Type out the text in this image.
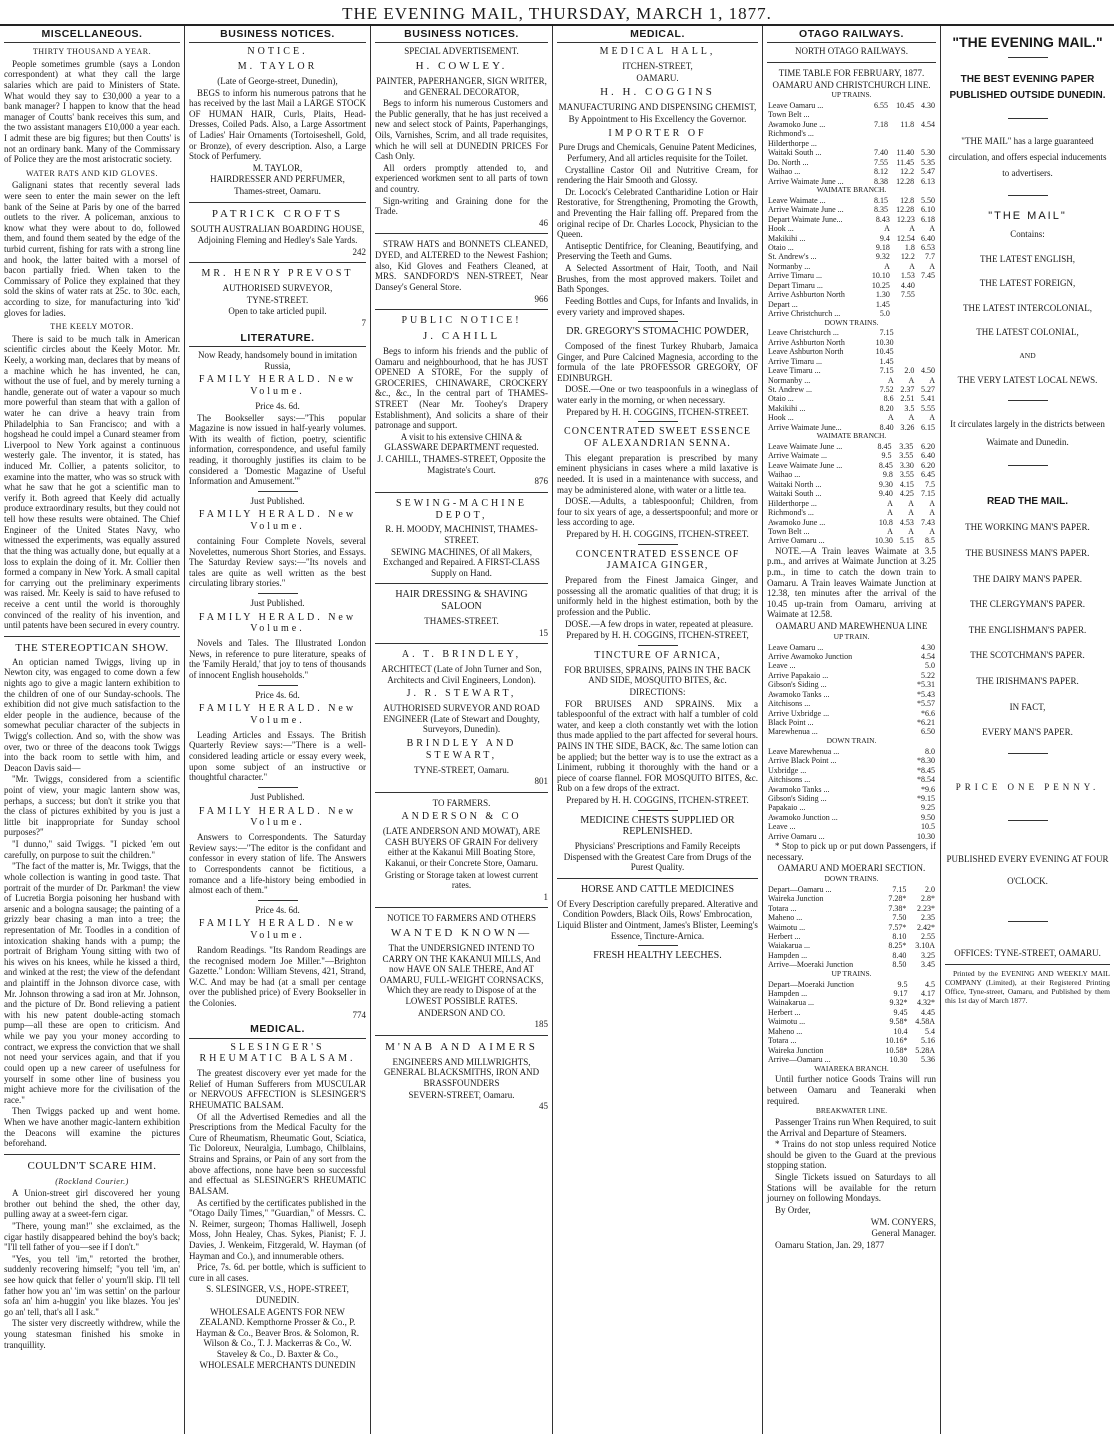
THE EVENING MAIL, THURSDAY, MARCH 1, 1877.
MISCELLANEOUS.
THIRTY THOUSAND A YEAR.

People sometimes grumble (says a London correspondent) at what they call the large salaries which are paid to Ministers of State. What would they say to £30,000 a year to a bank manager? I happen to know that the head manager of Coutts' bank receives this sum, and the two assistant managers £10,000 a year each. I admit these are big figures; but then Coutts' is not an ordinary bank. Many of the Commissary of Police they are the most aristocratic society.

WATER RATS AND KID GLOVES.

Galignani states that recently several lads were seen to enter the main sewer on the left bank of the Seine at Paris by one of the barred outlets to the river. A policeman, anxious to know what they were about to do, followed them, and found them seated by the edge of the turbid current, fishing for rats with a strong line and hook, the latter baited with a morsel of bacon partially fried. When taken to the Commissary of Police they explained that they sold the skins of water rats at 25c. to 30c. each, according to size, for manufacturing into 'kid' gloves for ladies.

THE KEELY MOTOR.

There is said to be much talk in American scientific circles about the Keely Motor. Mr. Keely, a working man, declares that by means of a machine which he has invented, he can, without the use of fuel, and by merely turning a handle, generate out of water a vapour so much more powerful than steam that with a gallon of water he can drive a heavy train from Philadelphia to San Francisco; and with a hogshead he could impel a Cunard steamer from Liverpool to New York against a continuous westerly gale. The inventor, it is stated, has induced Mr. Collier, a patents solicitor, to examine into the matter, who was so struck with what he saw that he got a scientific man to verify it. Both agreed that Keely did actually produce extraordinary results, but they could not tell how these results were obtained. The Chief Engineer of the United States Navy, who witnessed the experiments, was equally assured that the thing was actually done, but equally at a loss to explain the doing of it. Mr. Collier then formed a company in New York. A small capital for carrying out the preliminary experiments was raised. Mr. Keely is said to have refused to receive a cent until the world is thoroughly convinced of the reality of his invention, and until patents have been secured in every country.

THE STEREOPTICAN SHOW.

An optician named Twiggs, living up in Newton city, was engaged to come down a few nights ago to give a magic lantern exhibition to the children of one of our Sunday-schools. The exhibition did not give much satisfaction to the elder people in the audience, because of the somewhat peculiar character of the subjects in Twigg's collection. And so, with the show was over, two or three of the deacons took Twiggs into the back room to settle with him, and Deacon Davis said—

"Mr. Twiggs, considered from a scientific point of view, your magic lantern show was, perhaps, a success; but don't it strike you that the class of pictures exhibited by you is just a little bit inappropriate for Sunday school purposes?"

"I dunno," said Twiggs. "I picked 'em out carefully, on purpose to suit the children."

"The fact of the matter is, Mr. Twiggs, that the whole collection is wanting in good taste. That portrait of the murder of Dr. Parkman! the view of Lucretia Borgia poisoning her husband with arsenic and a bologna sausage; the painting of a grizzly bear chasing a man into a tree; the representation of Mr. Toodles in a condition of intoxication shaking hands with a pump; the portrait of Brigham Young sitting with two of his wives on his knees, while he kissed a third, and winked at the rest; the view of the defendant and plaintiff in the Johnson divorce case, with Mr. Johnson throwing a sad iron at Mr. Johnson, and the picture of Dr. Bond relieving a patient with his new patent double-acting stomach pump—all these are open to criticism. And while we pay you your money according to contract, we express the conviction that we shall not need your services again, and that if you could open up a new career of usefulness for yourself in some other line of business you might achieve more for the civilisation of the race."

Then Twiggs packed up and went home. When we have another magic-lantern exhibition the Deacons will examine the pictures beforehand.

COULDN'T SCARE HIM.
(Rockland Courier.)

A Union-street girl discovered her young brother out behind the shed, the other day, pulling away at a sweet-fern cigar.

"There, young man!" she exclaimed, as the cigar hastily disappeared behind the boy's back; "I'll tell father of you—see if I don't."

"Yes, you tell 'im," retorted the brother, suddenly recovering himself; "you tell 'im, an' see how quick that feller o' yourn'll skip. I'll tell father how you an' 'im was settin' on the parlour sofa an' him a-huggin' you like blazes. You jes' go an' tell, that's all I ask."

The sister very discreetly withdrew, while the young statesman finished his smoke in tranquillity.

BUSINESS NOTICES.
NOTICE.
M. TAYLOR

(Late of George-street, Dunedin),

BEGS to inform his numerous patrons that he has received by the last Mail a LARGE STOCK OF HUMAN HAIR, Curls, Plaits, Head-Dresses, Coiled Pads. Also, a Large Assortment of Ladies' Hair Ornaments (Tortoiseshell, Gold, or Bronze), of every description. Also, a Large Stock of Perfumery.

M. TAYLOR,

HAIRDRESSER AND PERFUMER,

Thames-street, Oamaru.

PATRICK CROFTS

SOUTH AUSTRALIAN BOARDING HOUSE,

Adjoining Fleming and Hedley's Sale Yards.

242

MR. HENRY PREVOST

AUTHORISED SURVEYOR,

TYNE-STREET.

Open to take articled pupil.

7

LITERATURE.

Now Ready, handsomely bound in imitation Russia,

FAMILY HERALD. New Volume.

Price 4s. 6d.

The Bookseller says:—"This popular Magazine is now issued in half-yearly volumes. With its wealth of fiction, poetry, scientific information, correspondence, and useful family reading, it thoroughly justifies its claim to be considered a 'Domestic Magazine of Useful Information and Amusement.'"

Just Published.

FAMILY HERALD. New Volume.

containing Four Complete Novels, several Novelettes, numerous Short Stories, and Essays. The Saturday Review says:—"Its novels and tales are quite as well written as the best circulating library stories."

Just Published.

FAMILY HERALD. New Volume.

Novels and Tales. The Illustrated London News, in reference to pure literature, speaks of the 'Family Herald,' that joy to tens of thousands of innocent English households."

Price 4s. 6d.

FAMILY HERALD. New Volume.

Leading Articles and Essays. The British Quarterly Review says:—"There is a well-considered leading article or essay every week, upon some subject of an instructive or thoughtful character."

Just Published.

FAMILY HERALD. New Volume.

Answers to Correspondents. The Saturday Review says:—"The editor is the confidant and confessor in every station of life. The Answers to Correspondents cannot be fictitious, a romance and a life-history being embodied in almost each of them."

Price 4s. 6d.

FAMILY HERALD. New Volume.

Random Readings. "Its Random Readings are the recognised modern Joe Miller."—Brighton Gazette." London: William Stevens, 421, Strand, W.C. And may be had (at a small per centage over the published price) of Every Bookseller in the Colonies.

774

MEDICAL.
SLESINGER'S RHEUMATIC BALSAM.

The greatest discovery ever yet made for the Relief of Human Sufferers from MUSCULAR or NERVOUS AFFECTION is SLESINGER'S RHEUMATIC BALSAM.

Of all the Advertised Remedies and all the Prescriptions from the Medical Faculty for the Cure of Rheumatism, Rheumatic Gout, Sciatica, Tic Doloreux, Neuralgia, Lumbago, Chilblains, Strains and Sprains, or Pain of any sort from the above affections, none have been so successful and effectual as SLESINGER'S RHEUMATIC BALSAM.

As certified by the certificates published in the "Otago Daily Times," "Guardian," of Messrs. C. N. Reimer, surgeon; Thomas Halliwell, Joseph Moss, John Healey, Chas. Sykes, Pianist; F. J. Davies, J. Wenkeim, Fitzgerald, W. Hayman (of Hayman and Co.), and innumerable others.

Price, 7s. 6d. per bottle, which is sufficient to cure in all cases.

S. SLESINGER, V.S., HOPE-STREET, DUNEDIN.

WHOLESALE AGENTS FOR NEW ZEALAND. Kempthorne Prosser & Co., P. Hayman & Co., Beaver Bros. & Solomon, R. Wilson & Co., T. J. Mackerras & Co., W. Staveley & Co., D. Baxter & Co., WHOLESALE MERCHANTS DUNEDIN

BUSINESS NOTICES.

SPECIAL ADVERTISEMENT.

H. COWLEY.

PAINTER, PAPERHANGER, SIGN WRITER, and GENERAL DECORATOR,

Begs to inform his numerous Customers and the Public generally, that he has just received a new and select stock of Paints, Paperhangings, Oils, Varnishes, Scrim, and all trade requisites, which he will sell at DUNEDIN PRICES For Cash Only.

All orders promptly attended to, and experienced workmen sent to all parts of town and country.

Sign-writing and Graining done for the Trade.

46

STRAW HATS and BONNETS CLEANED, DYED, and ALTERED to the Newest Fashion; also, Kid Gloves and Feathers Cleaned, at MRS. SANDFORD'S NEN-STREET, Near Dansey's General Store.

966

PUBLIC NOTICE!
J. CAHILL

Begs to inform his friends and the public of Oamaru and neighbourhood, that he has JUST OPENED A STORE, For the supply of GROCERIES, CHINAWARE, CROCKERY &c., &c., In the central part of THAMES-STREET (Near Mr. Toohey's Drapery Establishment), And solicits a share of their patronage and support.

A visit to his extensive CHINA & GLASSWARE DEPARTMENT requested.

J. CAHILL, THAMES-STREET, Opposite the Magistrate's Court.

876

SEWING-MACHINE DEPOT,

R. H. MOODY, MACHINIST, THAMES-STREET.

SEWING MACHINES, Of all Makers, Exchanged and Repaired. A FIRST-CLASS Supply on Hand.

HAIR DRESSING & SHAVING SALOON

THAMES-STREET.

15

A. T. BRINDLEY,

ARCHITECT (Late of John Turner and Son, Architects and Civil Engineers, London).

J. R. STEWART,

AUTHORISED SURVEYOR AND ROAD ENGINEER (Late of Stewart and Doughty, Surveyors, Dunedin).

BRINDLEY AND STEWART,

TYNE-STREET, Oamaru.

801

TO FARMERS.

ANDERSON & CO

(LATE ANDERSON AND MOWAT), ARE CASH BUYERS OF GRAIN For delivery either at the Kakanui Mill Boating Store, Kakanui, or their Concrete Store, Oamaru.

Gristing or Storage taken at lowest current rates.

1

NOTICE TO FARMERS AND OTHERS

WANTED KNOWN—

That the UNDERSIGNED INTEND TO CARRY ON THE KAKANUI MILLS, And now HAVE ON SALE THERE, And AT OAMARU, FULL-WEIGHT CORNSACKS, Which they are ready to Dispose of at the LOWEST POSSIBLE RATES.

ANDERSON AND CO.

185

M'NAB AND AIMERS

ENGINEERS AND MILLWRIGHTS, GENERAL BLACKSMITHS, IRON AND BRASSFOUNDERS

SEVERN-STREET, Oamaru.

45

MEDICAL.
MEDICAL HALL,

ITCHEN-STREET,

OAMARU.

H. H. COGGINS

MANUFACTURING AND DISPENSING CHEMIST,

By Appointment to His Excellency the Governor.

IMPORTER OF

Pure Drugs and Chemicals, Genuine Patent Medicines, Perfumery, And all articles requisite for the Toilet.

Crystalline Castor Oil and Nutritive Cream, for rendering the Hair Smooth and Glossy.

Dr. Locock's Celebrated Cantharidine Lotion or Hair Restorative, for Strengthening, Promoting the Growth, and Preventing the Hair falling off. Prepared from the original recipe of Dr. Charles Locock, Physician to the Queen.

Antiseptic Dentifrice, for Cleaning, Beautifying, and Preserving the Teeth and Gums.

A Selected Assortment of Hair, Tooth, and Nail Brushes, from the most approved makers. Toilet and Bath Sponges.

Feeding Bottles and Cups, for Infants and Invalids, in every variety and improved shapes.

DR. GREGORY'S STOMACHIC POWDER,

Composed of the finest Turkey Rhubarb, Jamaica Ginger, and Pure Calcined Magnesia, according to the formula of the late PROFESSOR GREGORY, OF EDINBURGH.

DOSE.—One or two teaspoonfuls in a wineglass of water early in the morning, or when necessary.

Prepared by H. H. COGGINS, ITCHEN-STREET.

CONCENTRATED SWEET ESSENCE OF ALEXANDRIAN SENNA.

This elegant preparation is prescribed by many eminent physicians in cases where a mild laxative is needed. It is used in a maintenance with success, and may be administered alone, with water or a little tea.

DOSE.—Adults, a tablespoonful; Children, from four to six years of age, a dessertspoonful; and more or less according to age.

Prepared by H. H. COGGINS, ITCHEN-STREET.

CONCENTRATED ESSENCE OF JAMAICA GINGER,

Prepared from the Finest Jamaica Ginger, and possessing all the aromatic qualities of that drug; it is uniformly held in the highest estimation, both by the profession and the Public.

DOSE.—A few drops in water, repeated at pleasure.

Prepared by H. H. COGGINS, ITCHEN-STREET,

TINCTURE OF ARNICA,

FOR BRUISES, SPRAINS, PAINS IN THE BACK AND SIDE, MOSQUITO BITES, &c.

DIRECTIONS:

FOR BRUISES AND SPRAINS. Mix a tablespoonful of the extract with half a tumbler of cold water, and keep a cloth constantly wet with the lotion thus made applied to the part affected for several hours. PAINS IN THE SIDE, BACK, &c. The same lotion can be applied; but the better way is to use the extract as a Liniment, rubbing it thoroughly with the hand or a piece of coarse flannel. FOR MOSQUITO BITES, &c. Rub on a few drops of the extract.

Prepared by H. H. COGGINS, ITCHEN-STREET.

MEDICINE CHESTS SUPPLIED OR REPLENISHED.

Physicians' Prescriptions and Family Receipts Dispensed with the Greatest Care from Drugs of the Purest Quality.

HORSE AND CATTLE MEDICINES

Of Every Description carefully prepared. Alterative and Condition Powders, Black Oils, Rows' Embrocation, Liquid Blister and Ointment, James's Blister, Leeming's Essence, Tincture-Arnica.

FRESH HEALTHY LEECHES.
OTAGO RAILWAYS.

NORTH OTAGO RAILWAYS.

TIME TABLE FOR FEBRUARY, 1877.

OAMARU AND CHRISTCHURCH LINE.

UP TRAINS.

Leave Oamaru ...	6.55	10.45	4.30
Town Belt ...			
Awamoko June ...	7.18	11.8	4.54
Richmond's ...			
Hilderthorpe ...			
Waitaki South ...	7.40	11.40	5.30
Do. North ...	7.55	11.45	5.35
Waihao ...	8.12	12.2	5.47
Arrive Waimate June ...	8.38	12.28	6.13

WAIMATE BRANCH.

Leave Waimate ...	8.15	12.8	5.50
Arrive Waimate June ...	8.35	12.28	6.10
Depart Waimate June...	8.43	12.23	6.18
Hook ...	A	A	A
Makikihi ...	9.4	12.54	6.40
Otaio ...	9.18	1.8	6.53
St. Andrew's ...	9.32	12.2	7.7
Normanby ...	A	A	A
Arrive Timaru ...	10.10	1.53	7.45
Depart Timaru ...	10.25	4.40	
Arrive Ashburton North	1.30	7.55	
Depart ...	1.45		
Arrive Christchurch ...	5.0		

DOWN TRAINS.

Leave Christchurch ...	7.15		
Arrive Ashburton North	10.30		
Leave Ashburton North	10.45		
Arrive Timaru ...	1.45		
Leave Timaru ...	7.15	2.0	4.50
Normanby ...	A	A	A
St. Andrew ...	7.52	2.37	5.27
Otaio ...	8.6	2.51	5.41
Makikihi ...	8.20	3.5	5.55
Hook ...	A	A	A
Arrive Waimate June...	8.40	3.26	6.15

WAIMATE BRANCH.

Leave Waimate June ...	8.45	3.35	6.20
Arrive Waimate ...	9.5	3.55	6.40
Leave Waimate June ...	8.45	3.30	6.20
Waihao ...	9.8	3.55	6.45
Waitaki North ...	9.30	4.15	7.5
Waitaki South ...	9.40	4.25	7.15
Hilderthorpe ...	A	A	A
Richmond's ...	A	A	A
Awamoko June ...	10.8	4.53	7.43
Town Belt ...	A	A	A
Arrive Oamaru ...	10.30	5.15	8.5

NOTE.—A Train leaves Waimate at 3.5 p.m., and arrives at Waimate Junction at 3.25 p.m., in time to catch the down train to Oamaru. A Train leaves Waimate Junction at 12.38, ten minutes after the arrival of the 10.45 up-train from Oamaru, arriving at Waimate at 12.58.

OAMARU AND MAREWHENUA LINE

UP TRAIN.

Leave Oamaru ...	4.30
Arrive Awamoko Junction	4.54
Leave ...	5.0
Arrive Papakaio ...	5.22
Gibson's Siding ...	*5.31
Awamoko Tanks ...	*5.43
Aitchisons ...	*5.57
Arrive Uxbridge ...	*6.6
Black Point ...	*6.21
Marewhenua ...	6.50

DOWN TRAIN.

Leave Marewhenua ...	8.0
Arrive Black Point ...	*8.30
Uxbridge ...	*8.45
Aitchisons ...	*8.54
Awamoko Tanks ...	*9.6
Gibson's Siding ...	*9.15
Papakaio ...	9.25
Awamoko Junction ...	9.50
Leave ...	10.5
Arrive Oamaru ...	10.30

* Stop to pick up or put down Passengers, if necessary.

OAMARU AND MOERARI SECTION.

DOWN TRAINS.

Depart—Oamaru ...	7.15	2.0
Waireka Junction	7.28*	2.8*
Totara ...	7.38*	2.23*
Maheno ...	7.50	2.35
Waimotu ...	7.57*	2.42*
Herbert ...	8.10	2.55
Waiakarua ...	8.25*	3.10A
Hampden ...	8.40	3.25
Arrive—Moeraki Junction	8.50	3.45

UP TRAINS.

Depart—Moeraki Junction	9.5	4.5
Hampden ...	9.17	4.17
Wainakarua ...	9.32*	4.32*
Herbert ...	9.45	4.45
Waimotu ...	9.58*	4.58A
Maheno ...	10.4	5.4
Totara ...	10.16*	5.16
Waireka Junction	10.58*	5.28A
Arrive—Oamaru ...	10.30	5.36

WAIAREKA BRANCH.

Until further notice Goods Trains will run between Oamaru and Teaneraki when required.

BREAKWATER LINE.

Passenger Trains run When Required, to suit the Arrival and Departure of Steamers.

* Trains do not stop unless required Notice should be given to the Guard at the previous stopping station.

Single Tickets issued on Saturdays to all Stations will be available for the return journey on following Mondays.

By Order,

WM. CONYERS,

General Manager.

Oamaru Station, Jan. 29, 1877

"THE EVENING MAIL."
THE BEST EVENING PAPER PUBLISHED OUTSIDE DUNEDIN.

"THE MAIL" has a large guaranteed circulation, and offers especial inducements to advertisers.

"THE MAIL"

Contains:

THE LATEST ENGLISH,

THE LATEST FOREIGN,

THE LATEST INTERCOLONIAL,

THE LATEST COLONIAL,

AND

THE VERY LATEST LOCAL NEWS.

It circulates largely in the districts between Waimate and Dunedin.

READ THE MAIL.

THE WORKING MAN'S PAPER.

THE BUSINESS MAN'S PAPER.

THE DAIRY MAN'S PAPER.

THE CLERGYMAN'S PAPER.

THE ENGLISHMAN'S PAPER.

THE SCOTCHMAN'S PAPER.

THE IRISHMAN'S PAPER.

IN FACT,

EVERY MAN'S PAPER.

PRICE ONE PENNY.

PUBLISHED EVERY EVENING AT FOUR O'CLOCK.

OFFICES: TYNE-STREET, OAMARU.

Printed by the EVENING AND WEEKLY MAIL COMPANY (Limited), at their Registered Printing Office, Tyne-street, Oamaru, and Published by them this 1st day of March 1877.
